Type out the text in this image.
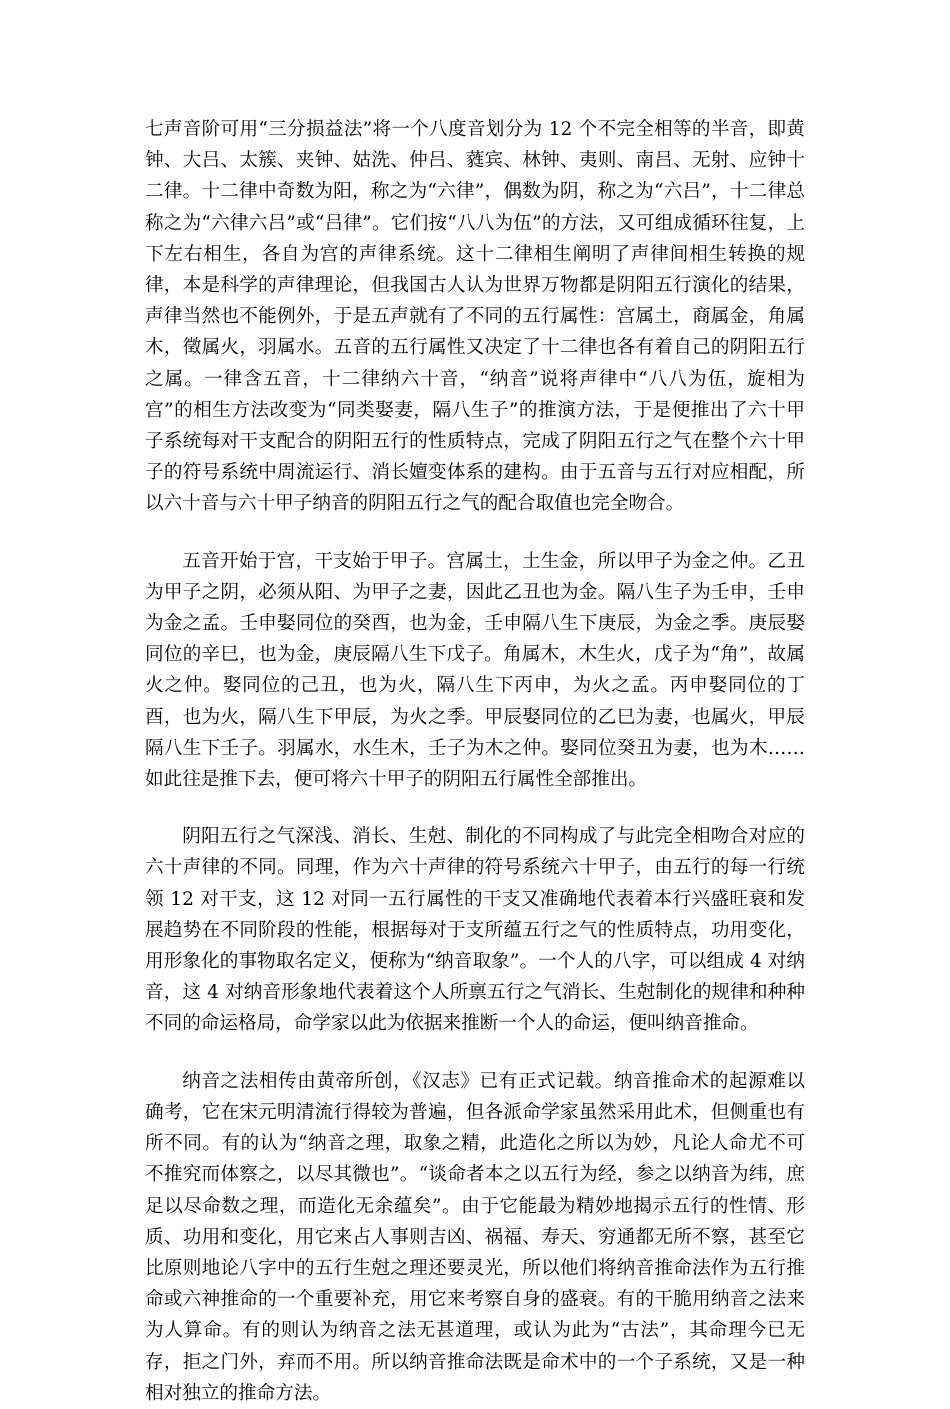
七声音阶可用“三分损益法”将一个八度音划分为 12 个不完全相等的半音，即黄钟、大吕、太簇、夹钟、姑洗、仲吕、蕤宾、林钟、夷则、南吕、无射、应钟十二律。十二律中奇数为阳，称之为“六律”，偶数为阴，称之为“六吕”，十二律总称之为“六律六吕”或“吕律”。它们按“八八为伍”的方法，又可组成循环往复，上下左右相生，各自为宫的声律系统。这十二律相生阐明了声律间相生转换的规律，本是科学的声律理论，但我国古人认为世界万物都是阴阳五行演化的结果，声律当然也不能例外，于是五声就有了不同的五行属性：宫属土，商属金，角属木，徵属火，羽属水。五音的五行属性又决定了十二律也各有着自己的阴阳五行之属。一律含五音，十二律纳六十音，“纳音”说将声律中“八八为伍，旋相为宫”的相生方法改变为“同类娶妻，隔八生子”的推演方法，于是便推出了六十甲子系统每对干支配合的阴阳五行的性质特点，完成了阴阳五行之气在整个六十甲子的符号系统中周流运行、消长嬗变体系的建构。由于五音与五行对应相配，所以六十音与六十甲子纳音的阴阳五行之气的配合取值也完全吻合。

五音开始于宫，干支始于甲子。宫属土，土生金，所以甲子为金之仲。乙丑为甲子之阴，必须从阳、为甲子之妻，因此乙丑也为金。隔八生子为壬申，壬申为金之孟。壬申娶同位的癸酉，也为金，壬申隔八生下庚辰，为金之季。庚辰娶同位的辛巳，也为金，庚辰隔八生下戊子。角属木，木生火，戊子为“角”，故属火之仲。娶同位的己丑，也为火，隔八生下丙申，为火之孟。丙申娶同位的丁酉，也为火，隔八生下甲辰，为火之季。甲辰娶同位的乙巳为妻，也属火，甲辰隔八生下壬子。羽属水，水生木，壬子为木之仲。娶同位癸丑为妻，也为木……如此往是推下去，便可将六十甲子的阴阳五行属性全部推出。

阴阳五行之气深浅、消长、生尅、制化的不同构成了与此完全相吻合对应的六十声律的不同。同理，作为六十声律的符号系统六十甲子，由五行的每一行统领 12 对干支，这 12 对同一五行属性的干支又准确地代表着本行兴盛旺衰和发展趋势在不同阶段的性能，根据每对于支所蕴五行之气的性质特点，功用变化，用形象化的事物取名定义，便称为“纳音取象”。一个人的八字，可以组成 4 对纳音，这 4 对纳音形象地代表着这个人所禀五行之气消长、生尅制化的规律和种种不同的命运格局，命学家以此为依据来推断一个人的命运，便叫纳音推命。

纳音之法相传由黄帝所创，《汉志》已有正式记载。纳音推命术的起源难以确考，它在宋元明清流行得较为普遍，但各派命学家虽然采用此术，但侧重也有所不同。有的认为“纳音之理，取象之精，此造化之所以为妙，凡论人命尤不可不推究而体察之，以尽其微也”。“谈命者本之以五行为经，参之以纳音为纬，庶足以尽命数之理，而造化无余蕴矣”。由于它能最为精妙地揭示五行的性情、形质、功用和变化，用它来占人事则吉凶、祸福、寿天、穷通都无所不察，甚至它比原则地论八字中的五行生尅之理还要灵光，所以他们将纳音推命法作为五行推命或六神推命的一个重要补充，用它来考察自身的盛衰。有的干脆用纳音之法来为人算命。有的则认为纳音之法无甚道理，或认为此为“古法”，其命理今已无存，拒之门外，弃而不用。所以纳音推命法既是命术中的一个子系统，又是一种相对独立的推命方法。
